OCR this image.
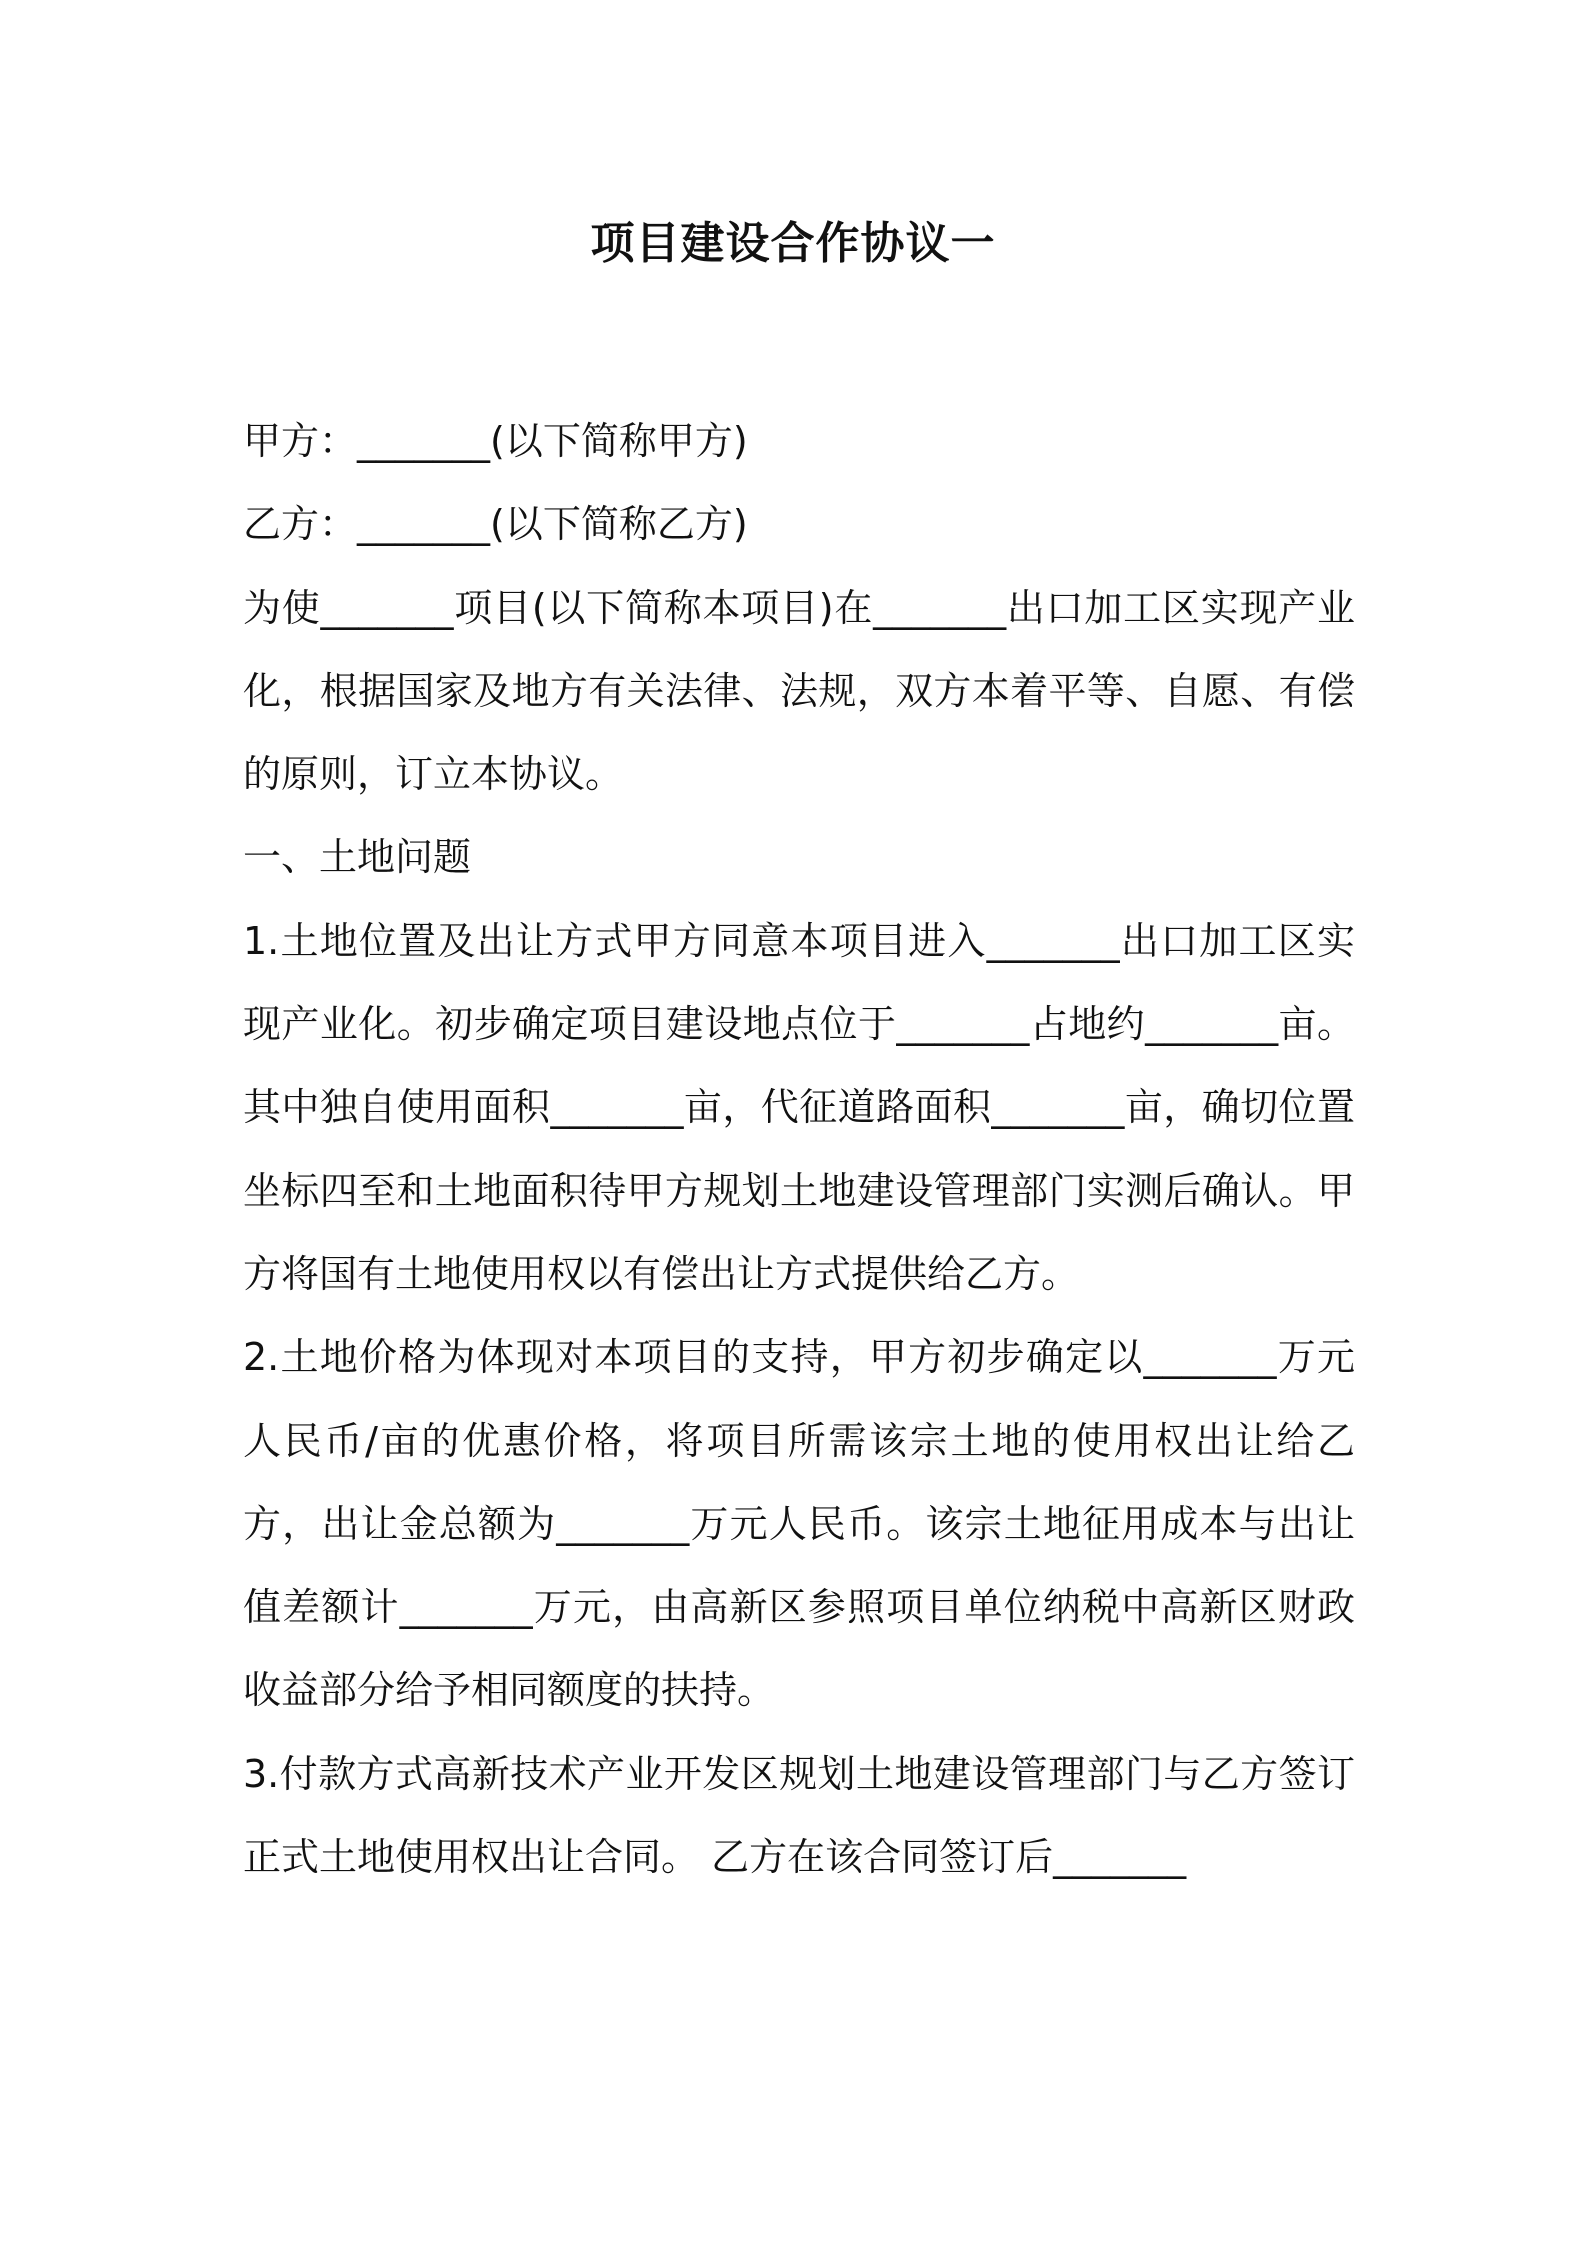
项目建设合作协议一

甲方：_______(以下简称甲方)

乙方：_______(以下简称乙方)

为使_______项目(以下简称本项目)在_______出口加工区实现产业化，根据国家及地方有关法律、法规，双方本着平等、自愿、有偿的原则，订立本协议。

一、土地问题

1.土地位置及出让方式甲方同意本项目进入_______出口加工区实现产业化。初步确定项目建设地点位于_______占地约_______亩。其中独自使用面积_______亩，代征道路面积_______亩，确切位置坐标四至和土地面积待甲方规划土地建设管理部门实测后确认。甲方将国有土地使用权以有偿出让方式提供给乙方。

2.土地价格为体现对本项目的支持，甲方初步确定以_______万元人民币/亩的优惠价格，将项目所需该宗土地的使用权出让给乙方，出让金总额为_______万元人民币。该宗土地征用成本与出让值差额计_______万元，由高新区参照项目单位纳税中高新区财政收益部分给予相同额度的扶持。

3.付款方式高新技术产业开发区规划土地建设管理部门与乙方签订正式土地使用权出让合同。 乙方在该合同签订后_______
